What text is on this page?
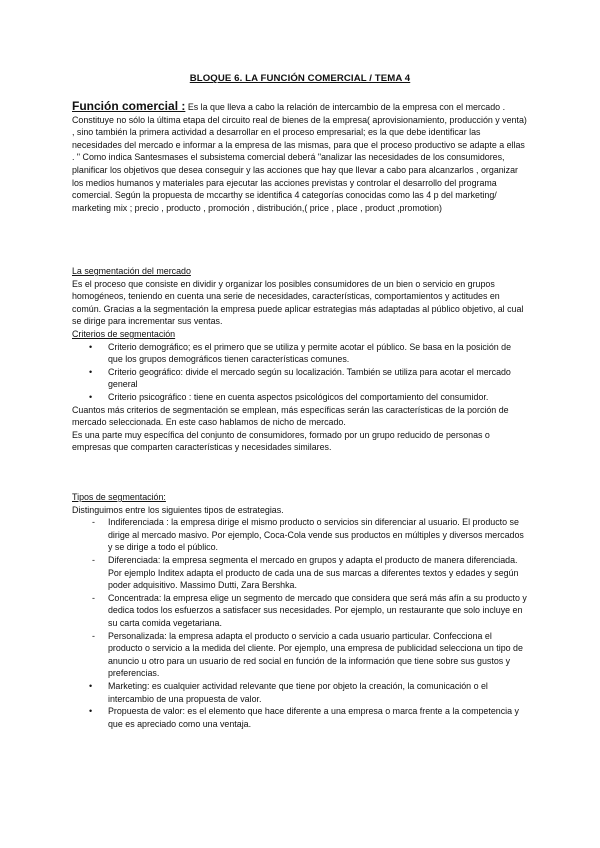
BLOQUE 6. LA FUNCIÓN COMERCIAL / TEMA 4

Función comercial : Es la que lleva a cabo la relación de intercambio de la empresa con el mercado . Constituye no sólo la última etapa del circuito real de bienes de la empresa( aprovisionamiento, producción y venta) , sino también la primera actividad a desarrollar en el proceso empresarial; es la que debe identificar las necesidades del mercado e informar a la empresa de las mismas, para que el proceso productivo se adapte a ellas . " Como indica Santesmases el subsistema comercial deberá "analizar las necesidades de los consumidores, planificar los objetivos que desea conseguir y las acciones que hay que llevar a cabo para alcanzarlos , organizar los medios humanos y materiales para ejecutar las acciones previstas y controlar el desarrollo del programa comercial. Según la propuesta de mccarthy se identifica 4 categorías conocidas como las 4 p del marketing/ marketing mix ; precio , producto , promoción , distribución,( price , place , product ,promotion)

La segmentación del mercado

Es el proceso que consiste en dividir y organizar los posibles consumidores de un bien o servicio en grupos homogéneos, teniendo en cuenta una serie de necesidades, características, comportamientos y actitudes en común. Gracias a la segmentación la empresa puede aplicar estrategias más adaptadas al público objetivo, al cual se dirige para incrementar sus ventas.

Criterios de segmentación

• Criterio demográfico; es el primero que se utiliza y permite acotar el público. Se basa en la posición de que los grupos demográficos tienen características comunes.
• Criterio geográfico: divide el mercado según su localización. También se utiliza para acotar el mercado general
• Criterio psicográfico : tiene en cuenta aspectos psicológicos del comportamiento del consumidor.

Cuantos más criterios de segmentación se emplean, más específicas serán las características de la porción de mercado seleccionada. En este caso hablamos de nicho de mercado.

Es una parte muy específica del conjunto de consumidores, formado por un grupo reducido de personas o empresas que comparten características y necesidades similares.

Tipos de segmentación:

Distinguimos entre los siguientes tipos de estrategias.

- Indiferenciada : la empresa dirige el mismo producto o servicios sin diferenciar al usuario. El producto se dirige al mercado masivo. Por ejemplo, Coca-Cola vende sus productos en múltiples y diversos mercados y se dirige a todo el público.
- Diferenciada: la empresa segmenta el mercado en grupos y adapta el producto de manera diferenciada. Por ejemplo Inditex adapta el producto de cada una de sus marcas a diferentes textos y edades y según poder adquisitivo. Massimo Dutti, Zara Bershka.
- Concentrada: la empresa elige un segmento de mercado que considera que será más afín a su producto y dedica todos los esfuerzos a satisfacer sus necesidades. Por ejemplo, un restaurante que solo incluye en su carta comida vegetariana.
- Personalizada: la empresa adapta el producto o servicio a cada usuario particular. Confecciona el producto o servicio a la medida del cliente. Por ejemplo, una empresa de publicidad selecciona un tipo de anuncio u otro para un usuario de red social en función de la información que tiene sobre sus gustos y preferencias.
• Marketing: es cualquier actividad relevante que tiene por objeto la creación, la comunicación o el intercambio de una propuesta de valor.
• Propuesta de valor: es el elemento que hace diferente a una empresa o marca frente a la competencia y que es apreciado como una ventaja.
